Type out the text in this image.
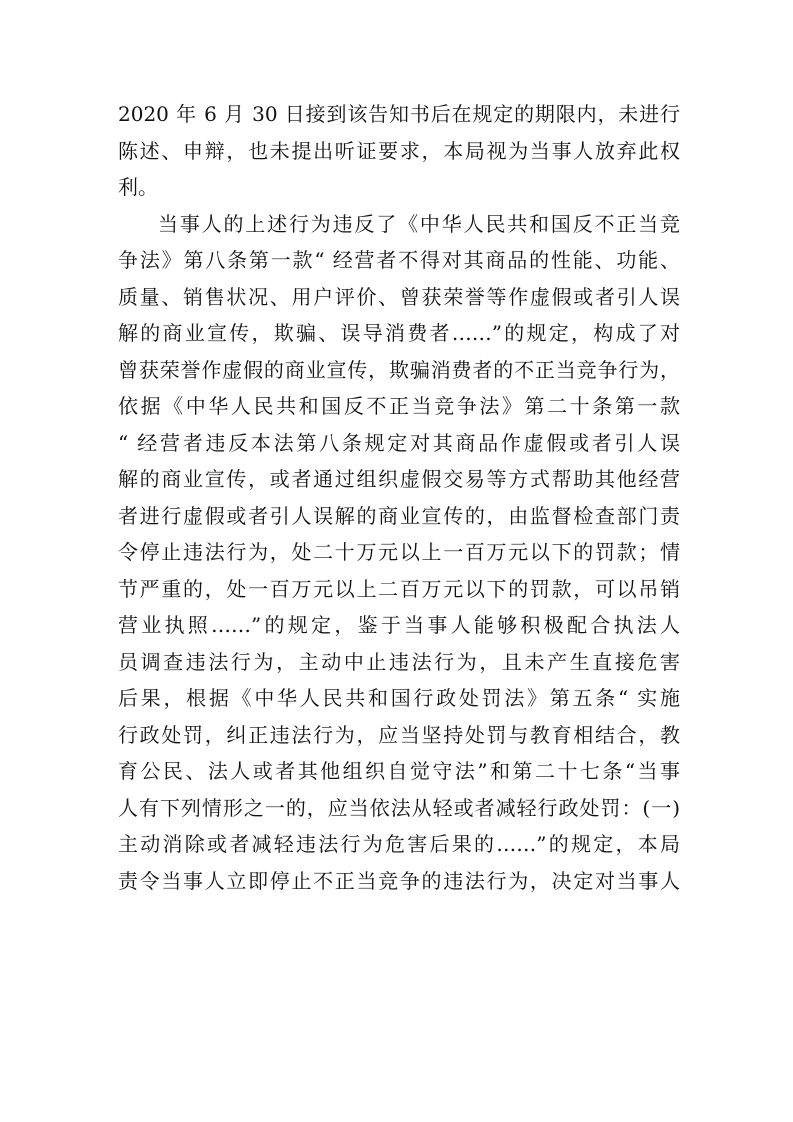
2020 年 6 月 30 日接到该告知书后在规定的期限内，未进行
陈述、申辩，也未提出听证要求，本局视为当事人放弃此权
利。
当事人的上述行为违反了《中华人民共和国反不正当竞
争法》第八条第一款“ 经营者不得对其商品的性能、功能、
质量、销售状况、用户评价、曾获荣誉等作虚假或者引人误
解的商业宣传，欺骗、误导消费者……”的规定，构成了对
曾获荣誉作虚假的商业宣传，欺骗消费者的不正当竞争行为，
依据《中华人民共和国反不正当竞争法》第二十条第一款
“ 经营者违反本法第八条规定对其商品作虚假或者引人误
解的商业宣传，或者通过组织虚假交易等方式帮助其他经营
者进行虚假或者引人误解的商业宣传的，由监督检查部门责
令停止违法行为，处二十万元以上一百万元以下的罚款；情
节严重的，处一百万元以上二百万元以下的罚款，可以吊销
营业执照……”的规定，鉴于当事人能够积极配合执法人
员调查违法行为，主动中止违法行为，且未产生直接危害
后果，根据《中华人民共和国行政处罚法》第五条“ 实施
行政处罚，纠正违法行为，应当坚持处罚与教育相结合，教
育公民、法人或者其他组织自觉守法”和第二十七条“当事
人有下列情形之一的，应当依法从轻或者减轻行政处罚：(一)
主动消除或者减轻违法行为危害后果的……”的规定，本局
责令当事人立即停止不正当竞争的违法行为，决定对当事人
